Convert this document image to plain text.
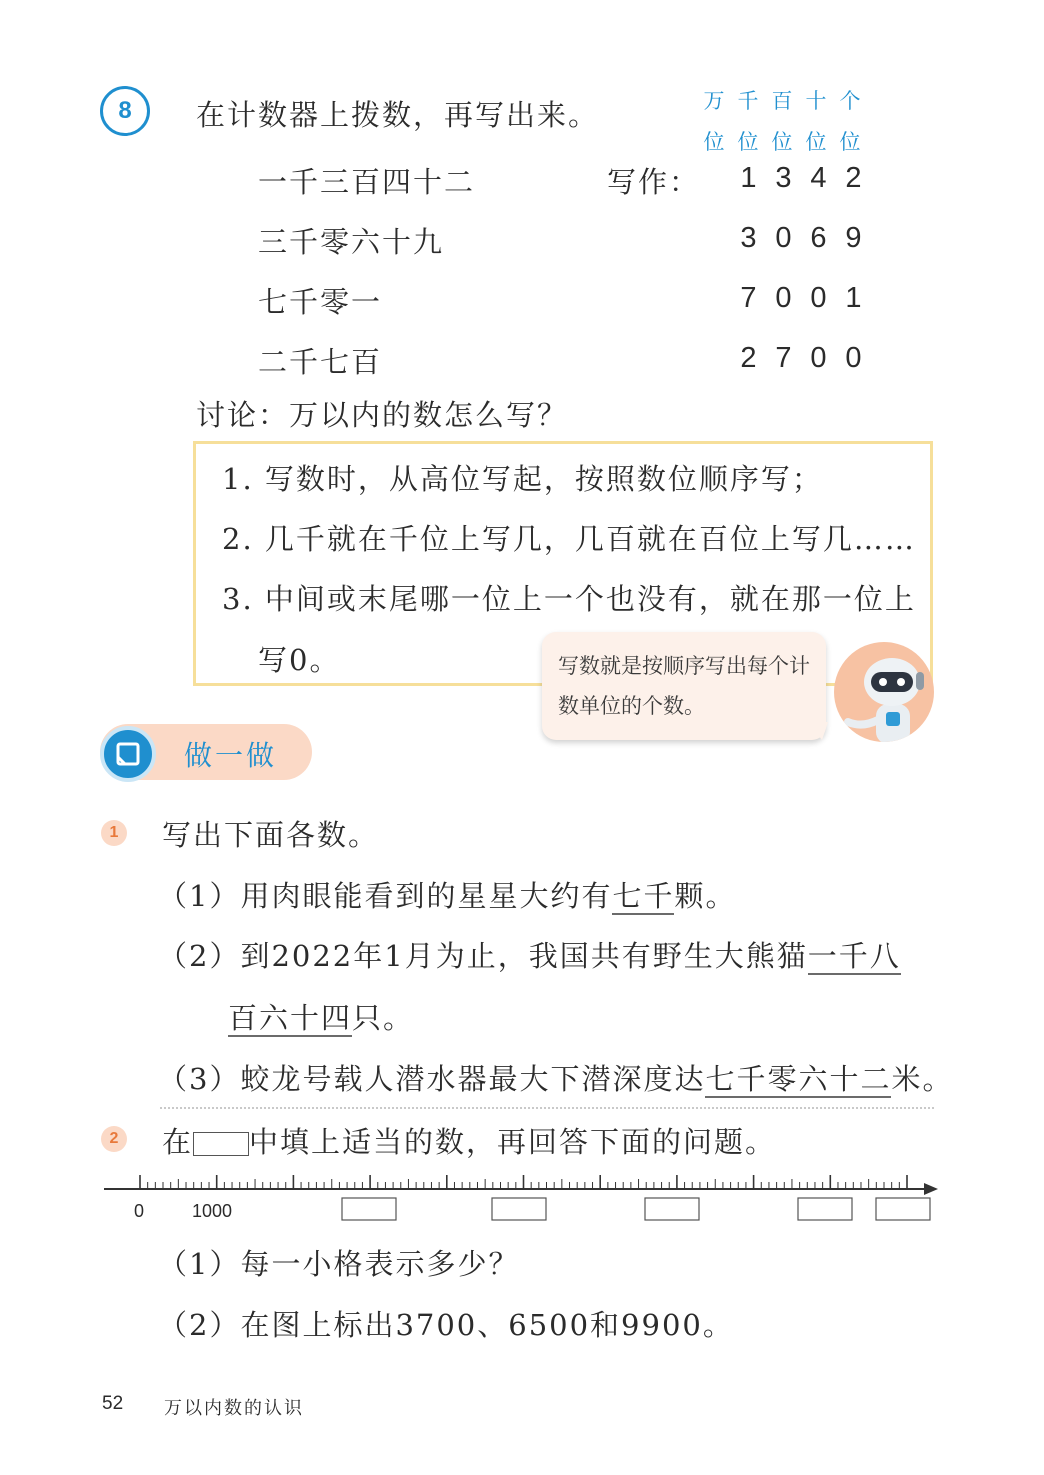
8	在计数器上拨数，再写出来。	万 千 百 十 个
位 位 位 位 位
一千三百四十二	写作：	1 3 4 2
三千零六十九	3 0 6 9
七千零一	7 0 0 1
二千七百	2 7 0 0
讨论：万以内的数怎么写？
1. 写数时，从高位写起，按照数位顺序写；
2. 几千就在千位上写几，几百就在百位上写几……
3. 中间或末尾哪一位上一个也没有，就在那一位上
写0。	写数就是按顺序写出每个计数单位的个数。
做一做
1 写出下面各数。
（1）用肉眼能看到的星星大约有七千颗。
（2）到2022年1月为止，我国共有野生大熊猫一千八
百六十四只。
（3）蛟龙号载人潜水器最大下潜深度达七千零六十二米。
2 在 中填上适当的数，再回答下面的问题。
0	1000
（1）每一小格表示多少？
（2）在图上标出3700、6500和9900。
52 万以内数的认识
